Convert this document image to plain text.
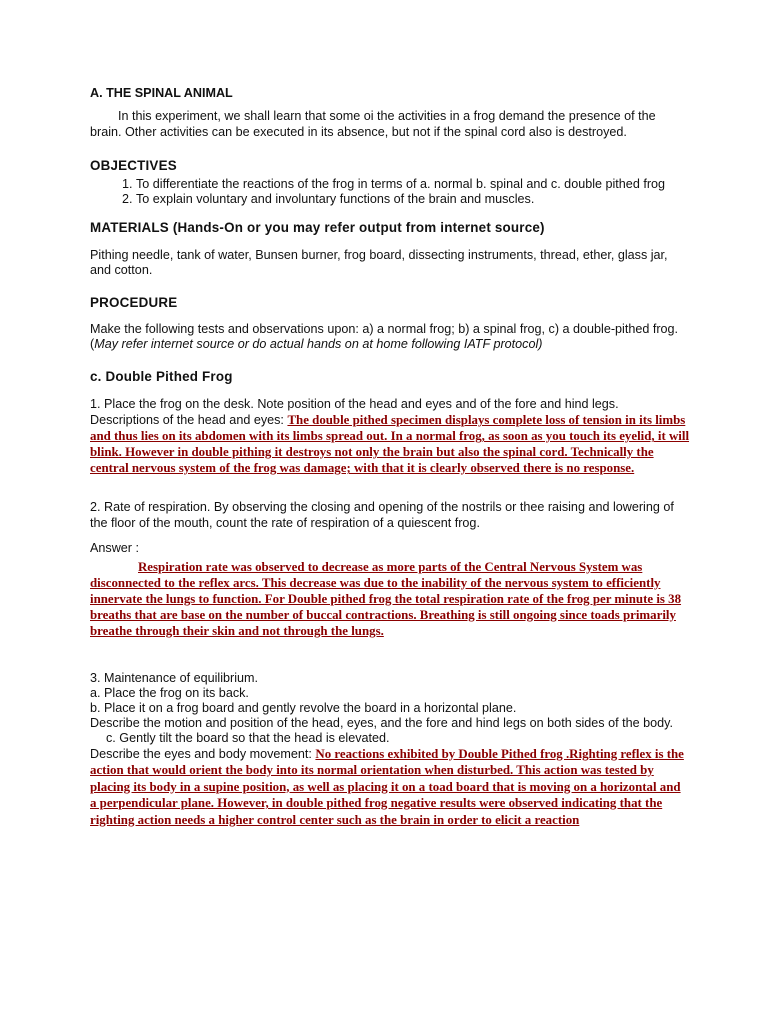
A. THE SPINAL ANIMAL

In this experiment, we shall learn that some oi the activities in a frog demand the presence of the brain. Other activities can be executed in its absence, but not if the spinal cord also is destroyed.

OBJECTIVES

1. To differentiate the reactions of the frog in terms of a. normal b. spinal and c. double pithed frog
2. To explain voluntary and involuntary functions of the brain and muscles.

MATERIALS (Hands-On or you may refer output from internet source)

Pithing needle, tank of water, Bunsen burner, frog board, dissecting instruments, thread, ether, glass jar, and cotton.

PROCEDURE

Make the following tests and observations upon: a) a normal frog; b) a spinal frog, c) a double-pithed frog.(May refer internet source or do actual hands on at home following IATF protocol)

c. Double Pithed Frog

1. Place the frog on the desk. Note position of the head and eyes and of the fore and hind legs. Descriptions of the head and eyes: The double pithed specimen displays complete loss of tension in its limbs and thus lies on its abdomen with its limbs spread out. In a normal frog, as soon as you touch its eyelid, it will blink. However in double pithing it destroys not only the brain but also the spinal cord. Technically the central nervous system of the frog was damage; with that it is clearly observed there is no response.

2. Rate of respiration. By observing the closing and opening of the nostrils or thee raising and lowering of the floor of the mouth, count the rate of respiration of a quiescent frog.

Answer :

Respiration rate was observed to decrease as more parts of the Central Nervous System was disconnected to the reflex arcs. This decrease was due to the inability of the nervous system to efficiently innervate the lungs to function. For Double pithed frog the total respiration rate of the frog per minute is 38 breaths that are base on the number of buccal contractions. Breathing is still ongoing since toads primarily breathe through their skin and not through the lungs.

3. Maintenance of equilibrium.

a. Place the frog on its back.

b. Place it on a frog board and gently revolve the board in a horizontal plane.

Describe the motion and position of the head, eyes, and the fore and hind legs on both sides of the body.

c. Gently tilt the board so that the head is elevated.

Describe the eyes and body movement: No reactions exhibited by Double Pithed frog .Righting reflex is the action that would orient the body into its normal orientation when disturbed. This action was tested by placing its body in a supine position, as well as placing it on a toad board that is moving on a horizontal and a perpendicular plane. However, in double pithed frog negative results were observed indicating that the righting action needs a higher control center such as the brain in order to elicit a reaction
